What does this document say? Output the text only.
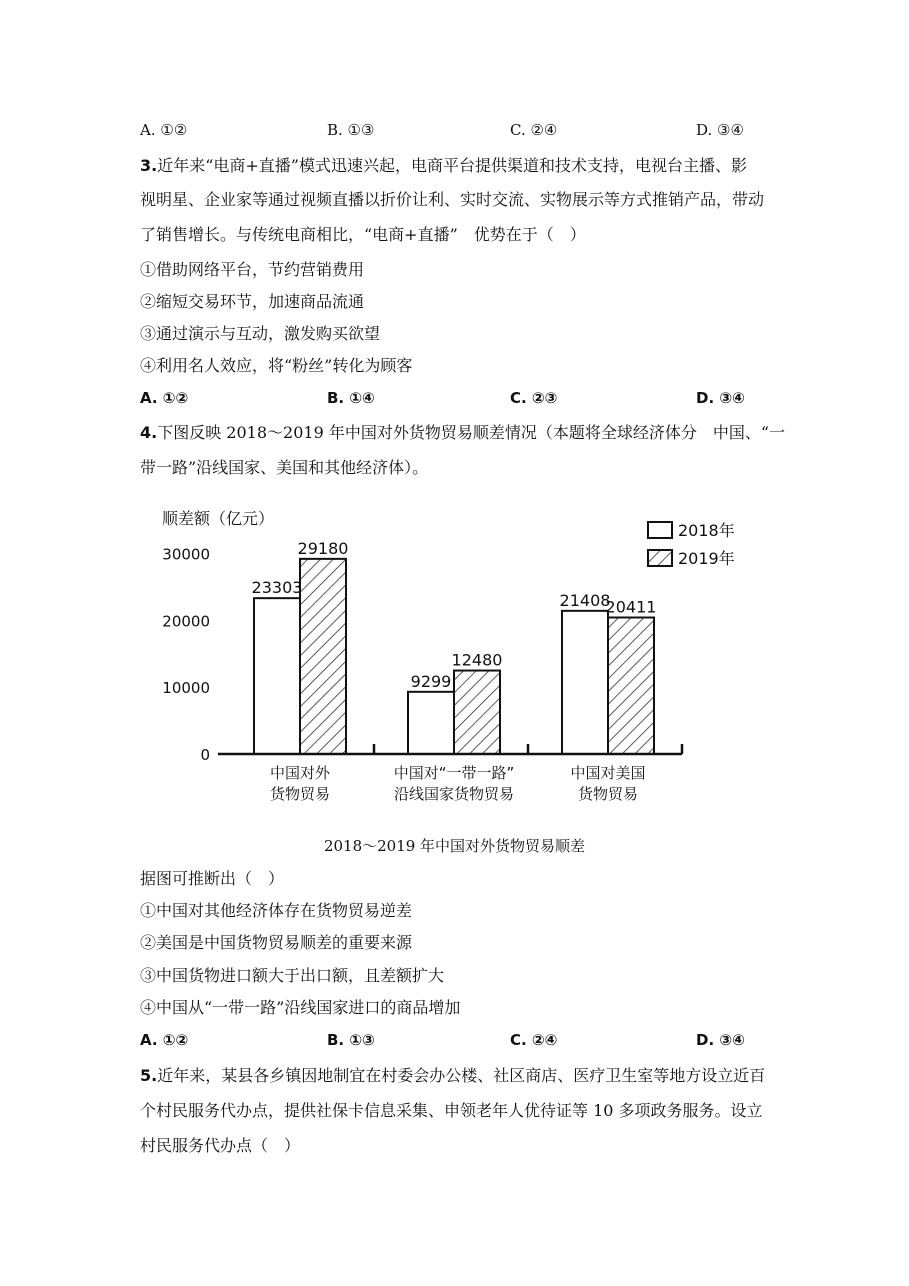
A. ①②	B. ①③	C. ②④	D. ③④
3.近年来“电商+直播”模式迅速兴起，电商平台提供渠道和技术支持，电视台主播、影
视明星、企业家等通过视频直播以折价让利、实时交流、实物展示等方式推销产品，带动
了销售增长。与传统电商相比，“电商+直播”　优势在于（　）
①借助网络平台，节约营销费用
②缩短交易环节，加速商品流通
③通过演示与互动，激发购买欲望
④利用名人效应，将“粉丝”转化为顾客
A. ①②	B. ①④	C. ②③	D. ③④
4.下图反映 2018～2019 年中国对外货物贸易顺差情况（本题将全球经济体分　中国、“一
带一路”沿线国家、美国和其他经济体）。
顺差额（亿元）
0
10000
20000
30000
23303
29180
9299
12480
21408
20411
中国对外
货物贸易
中国对“一带一路”
沿线国家货物贸易
中国对美国
货物贸易
2018年
2019年
2018～2019 年中国对外货物贸易顺差
据图可推断出（　）
①中国对其他经济体存在货物贸易逆差
②美国是中国货物贸易顺差的重要来源
③中国货物进口额大于出口额，且差额扩大
④中国从“一带一路”沿线国家进口的商品增加
A. ①②	B. ①③	C. ②④	D. ③④
5.近年来，某县各乡镇因地制宜在村委会办公楼、社区商店、医疗卫生室等地方设立近百
个村民服务代办点，提供社保卡信息采集、申领老年人优待证等 10 多项政务服务。设立
村民服务代办点（　）
